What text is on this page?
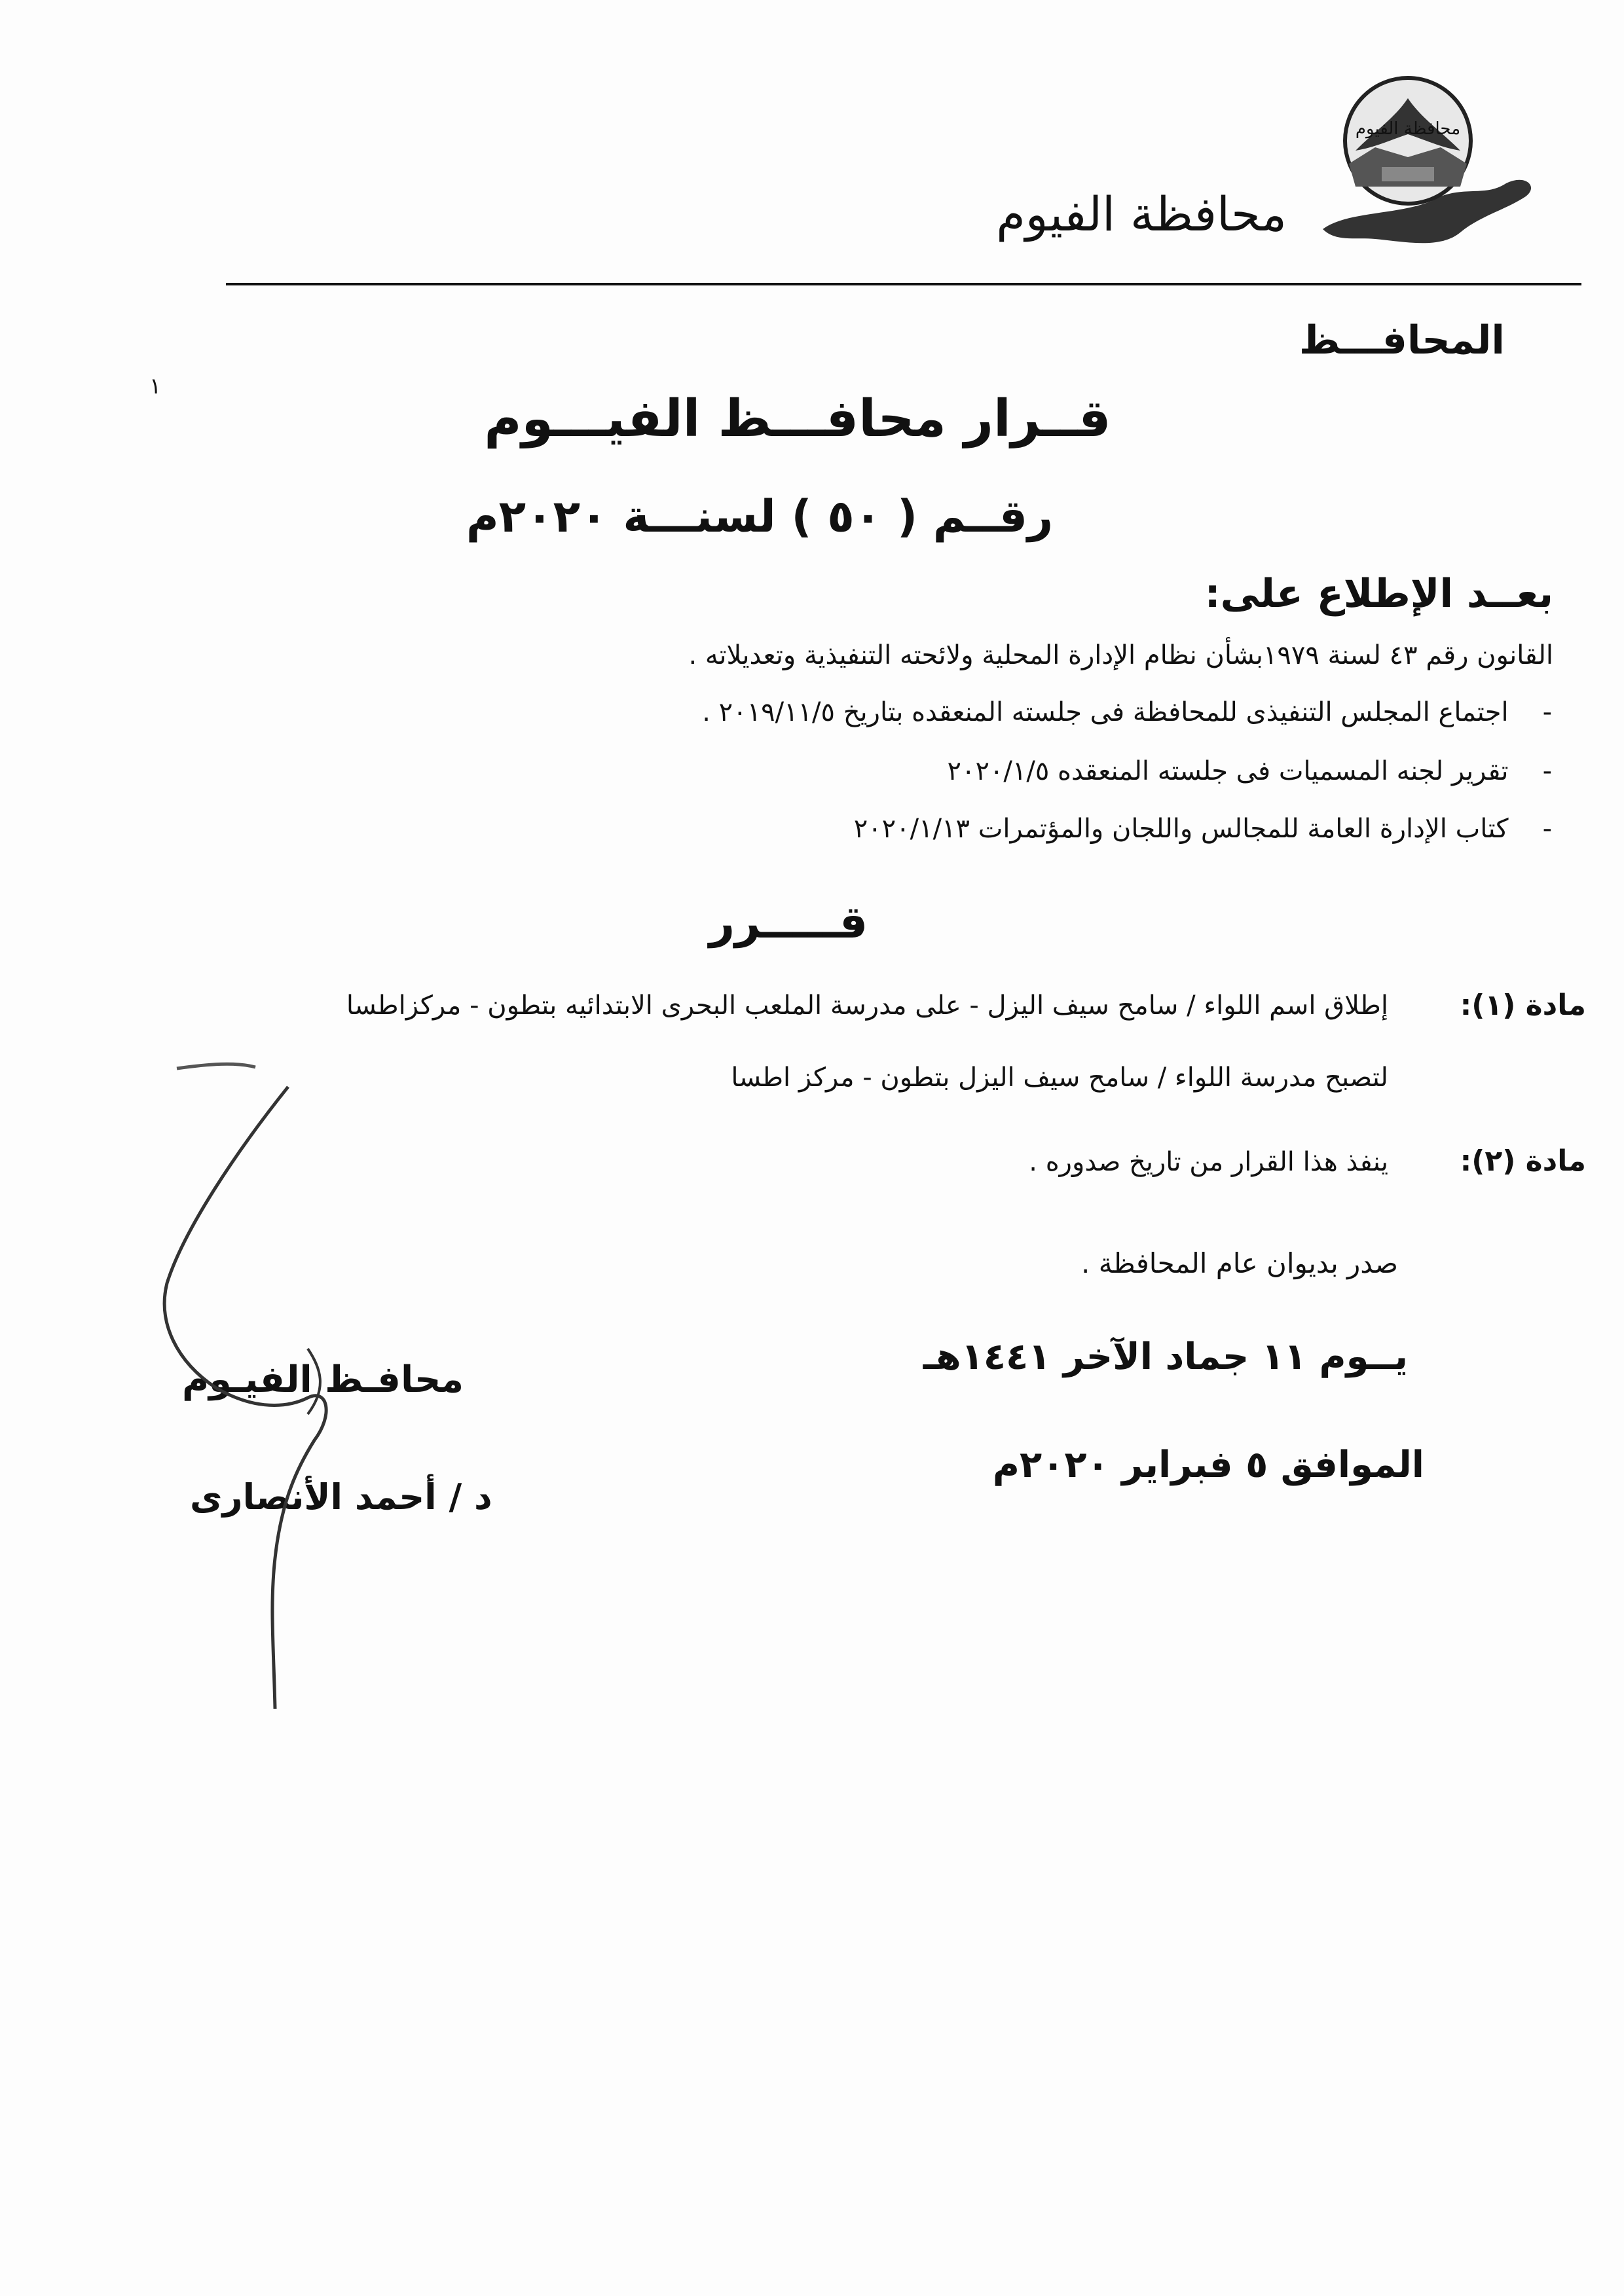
محافظة الفيوم
محافظة الفيوم
المحافـــظ
١
قــرار محافـــظ الفيـــوم
رقــم ( ٥٠ ) لسنـــة ٢٠٢٠م
بعــد الإطلاع على:
القانون رقم ٤٣ لسنة ١٩٧٩بشأن نظام الإدارة المحلية ولائحته التنفيذية وتعديلاته .
-اجتماع المجلس التنفيذى للمحافظة فى جلسته المنعقده بتاريخ ٢٠١٩/١١/٥ .
-تقرير لجنه المسميات فى جلسته المنعقده ٢٠٢٠/١/٥
-كتاب الإدارة العامة للمجالس واللجان والمؤتمرات ٢٠٢٠/١/١٣
قـــــرر
مادة (١):
إطلاق اسم اللواء / سامح سيف اليزل - على مدرسة الملعب البحرى الابتدائيه بتطون - مركزاطسا
لتصبح مدرسة اللواء / سامح سيف اليزل بتطون - مركز اطسا
مادة (٢):
ينفذ هذا القرار من تاريخ صدوره .
صدر بديوان عام المحافظة .
يــوم ١١ جماد الآخر ١٤٤١هـ
الموافق ٥ فبراير ٢٠٢٠م
محافـظ الفيـوم
د / أحمد الأنصارى
